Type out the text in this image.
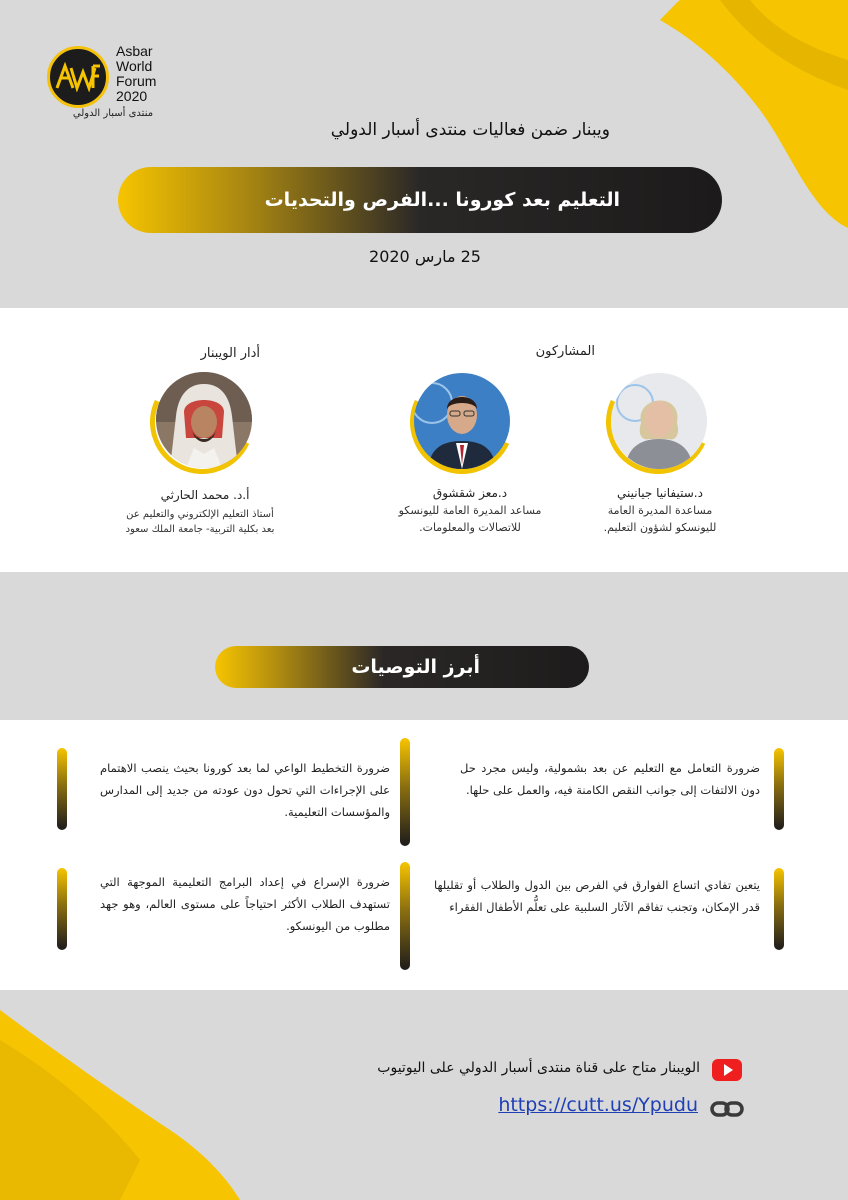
Asbar
World
Forum
2020
منتدى أسبار الدولي
ويبنار ضمن فعاليات منتدى أسبار الدولي
التعليم بعد كورونا ...الفرص والتحديات
25 مارس 2020
أدار الويبنار	المشاركون
أ.د. محمد الحارثي
أستاذ التعليم الإلكتروني والتعليم عن
بعد بكلية التربية- جامعة الملك سعود
د.معز شقشوق
مساعد المديرة العامة لليونسكو
للاتصالات والمعلومات.
د.ستيفانيا جيانيني
مساعدة المديرة العامة
لليونسكو لشؤون التعليم.
أبرز التوصيات
ضرورة التعامل مع التعليم عن بعد بشمولية، وليس مجرد حل دون الالتفات إلى جوانب النقص الكامنة فيه، والعمل على حلها.
ضرورة التخطيط الواعي لما بعد كورونا بحيث ينصب الاهتمام على الإجراءات التي تحول دون عودته من جديد إلى المدارس والمؤسسات التعليمية.
يتعين تفادي اتساع الفوارق في الفرص بين الدول والطلاب أو تقليلها قدر الإمكان، وتجنب تفاقم الآثار السلبية على تعلُّم الأطفال الفقراء
ضرورة الإسراع في إعداد البرامج التعليمية الموجهة التي تستهدف الطلاب الأكثر احتياجاً على مستوى العالم، وهو جهد مطلوب من اليونسكو.
الويبنار متاح على قناة منتدى أسبار الدولي على اليوتيوب
https://cutt.us/Ypudu
